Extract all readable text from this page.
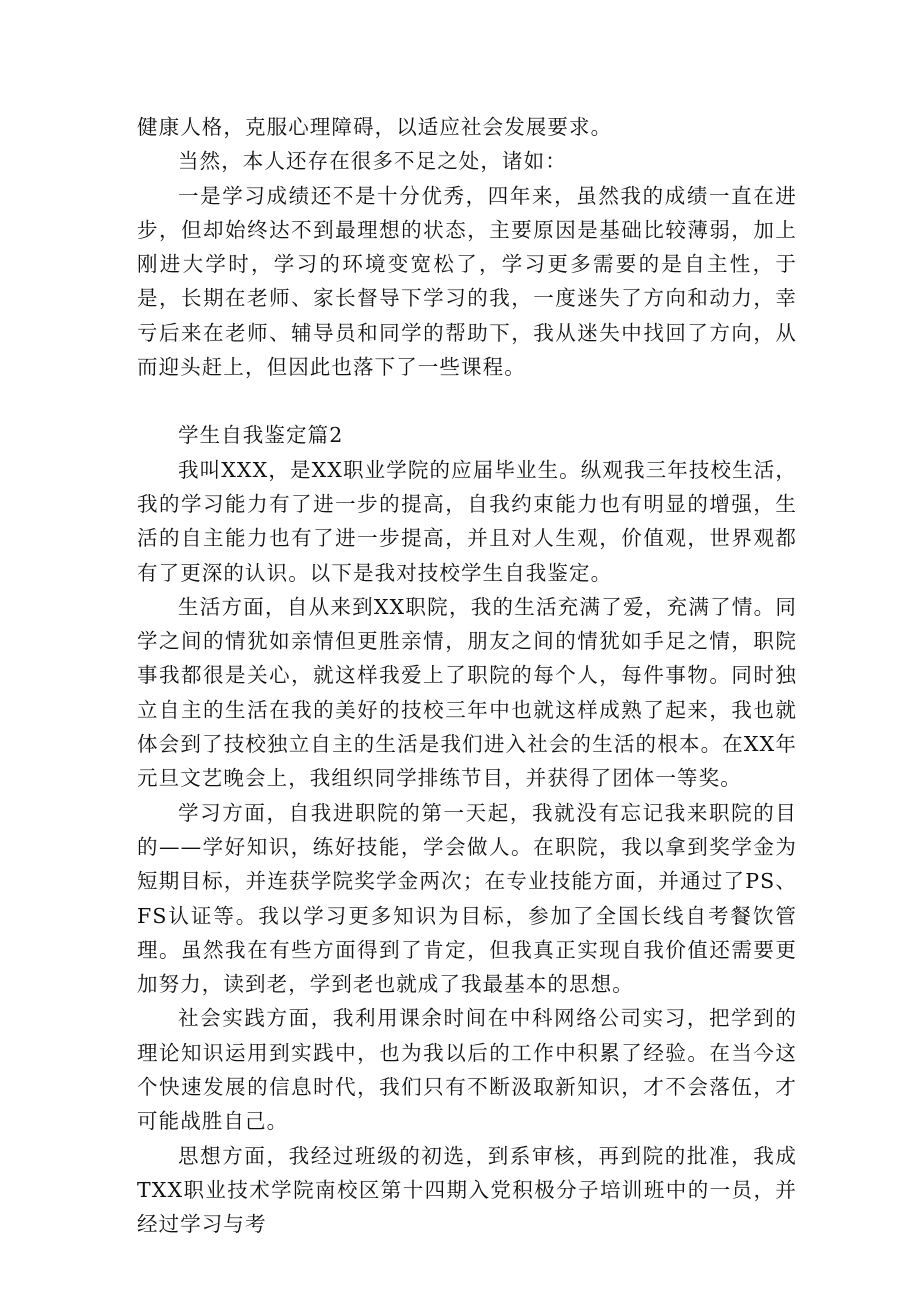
健康人格，克服心理障碍，以适应社会发展要求。

当然，本人还存在很多不足之处，诸如：

一是学习成绩还不是十分优秀，四年来，虽然我的成绩一直在进步，但却始终达不到最理想的状态，主要原因是基础比较薄弱，加上刚进大学时，学习的环境变宽松了，学习更多需要的是自主性，于是，长期在老师、家长督导下学习的我，一度迷失了方向和动力，幸亏后来在老师、辅导员和同学的帮助下，我从迷失中找回了方向，从而迎头赶上，但因此也落下了一些课程。

学生自我鉴定篇2

我叫XXX，是XX职业学院的应届毕业生。纵观我三年技校生活，我的学习能力有了进一步的提高，自我约束能力也有明显的增强，生活的自主能力也有了进一步提高，并且对人生观，价值观，世界观都有了更深的认识。以下是我对技校学生自我鉴定。

生活方面，自从来到XX职院，我的生活充满了爱，充满了情。同学之间的情犹如亲情但更胜亲情，朋友之间的情犹如手足之情，职院事我都很是关心，就这样我爱上了职院的每个人，每件事物。同时独立自主的生活在我的美好的技校三年中也就这样成熟了起来，我也就体会到了技校独立自主的生活是我们进入社会的生活的根本。在XX年元旦文艺晚会上，我组织同学排练节目，并获得了团体一等奖。

学习方面，自我进职院的第一天起，我就没有忘记我来职院的目的——学好知识，练好技能，学会做人。在职院，我以拿到奖学金为短期目标，并连获学院奖学金两次；在专业技能方面，并通过了PS、FS认证等。我以学习更多知识为目标，参加了全国长线自考餐饮管理。虽然我在有些方面得到了肯定，但我真正实现自我价值还需要更加努力，读到老，学到老也就成了我最基本的思想。

社会实践方面，我利用课余时间在中科网络公司实习，把学到的理论知识运用到实践中，也为我以后的工作中积累了经验。在当今这个快速发展的信息时代，我们只有不断汲取新知识，才不会落伍，才可能战胜自己。

思想方面，我经过班级的初选，到系审核，再到院的批准，我成TXX职业技术学院南校区第十四期入党积极分子培训班中的一员，并经过学习与考
